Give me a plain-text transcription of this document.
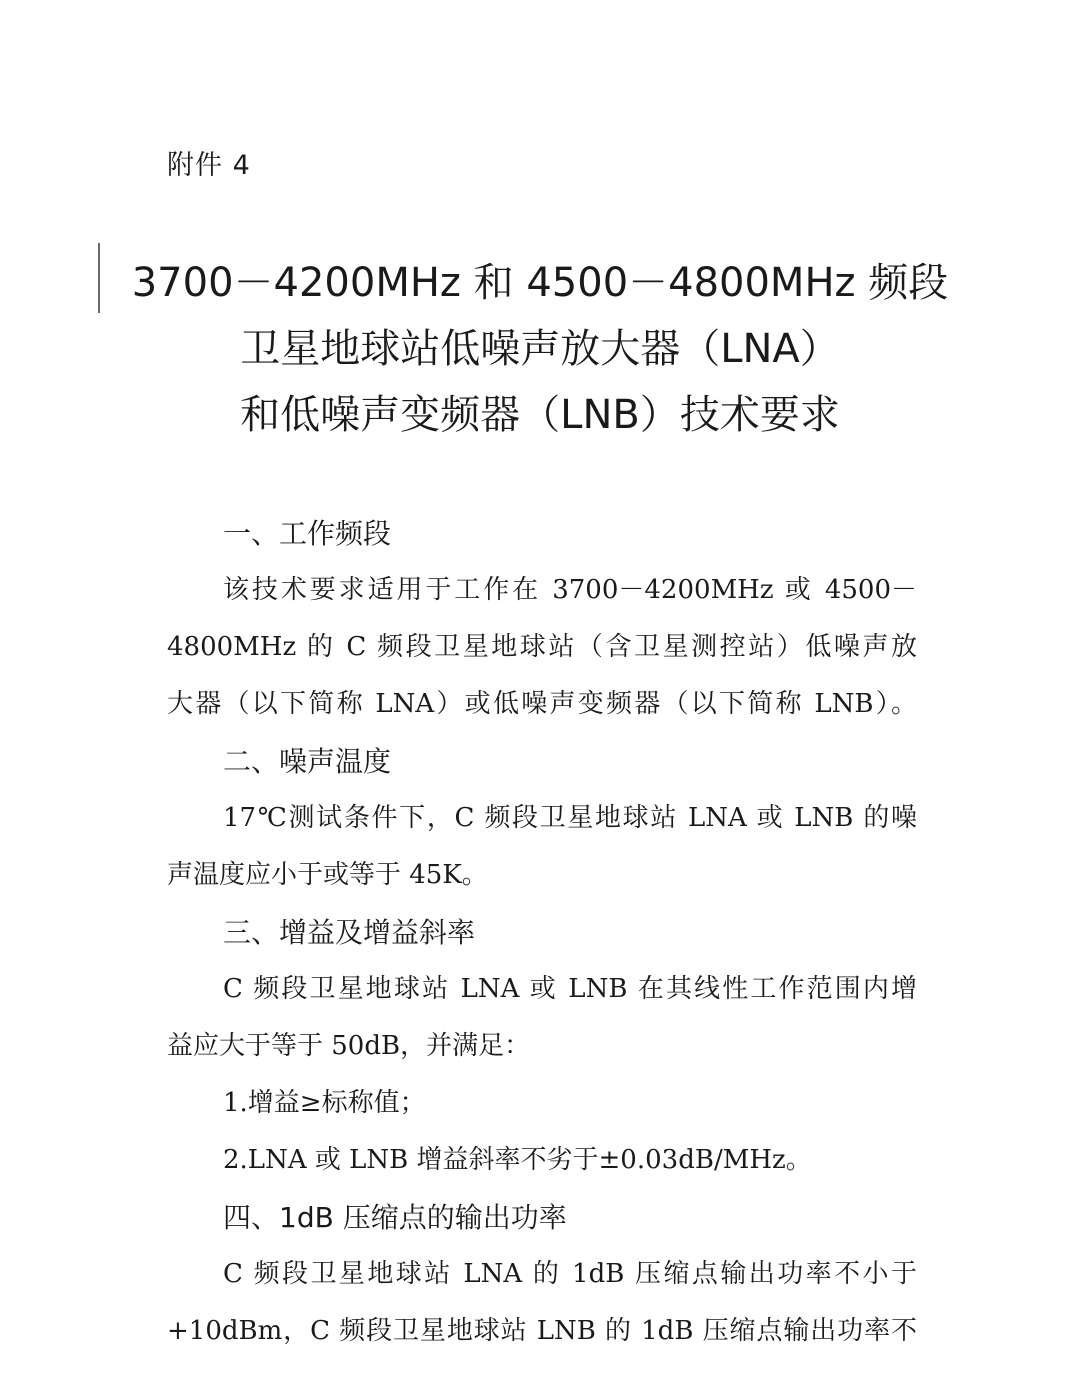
附件 4
3700－4200MHz 和 4500－4800MHz 频段
卫星地球站低噪声放大器（LNA）
和低噪声变频器（LNB）技术要求
一、工作频段
该技术要求适用于工作在 3700－4200MHz 或 4500－
4800MHz 的 C 频段卫星地球站（含卫星测控站）低噪声放
大器（以下简称 LNA）或低噪声变频器（以下简称 LNB）。
二、噪声温度
17℃测试条件下，C 频段卫星地球站 LNA 或 LNB 的噪
声温度应小于或等于 45K。
三、增益及增益斜率
C 频段卫星地球站 LNA 或 LNB 在其线性工作范围内增
益应大于等于 50dB，并满足：
1.增益≥标称值；
2.LNA 或 LNB 增益斜率不劣于±0.03dB/MHz。
四、1dB 压缩点的输出功率
C 频段卫星地球站 LNA 的 1dB 压缩点输出功率不小于
+10dBm，C 频段卫星地球站 LNB 的 1dB 压缩点输出功率不
